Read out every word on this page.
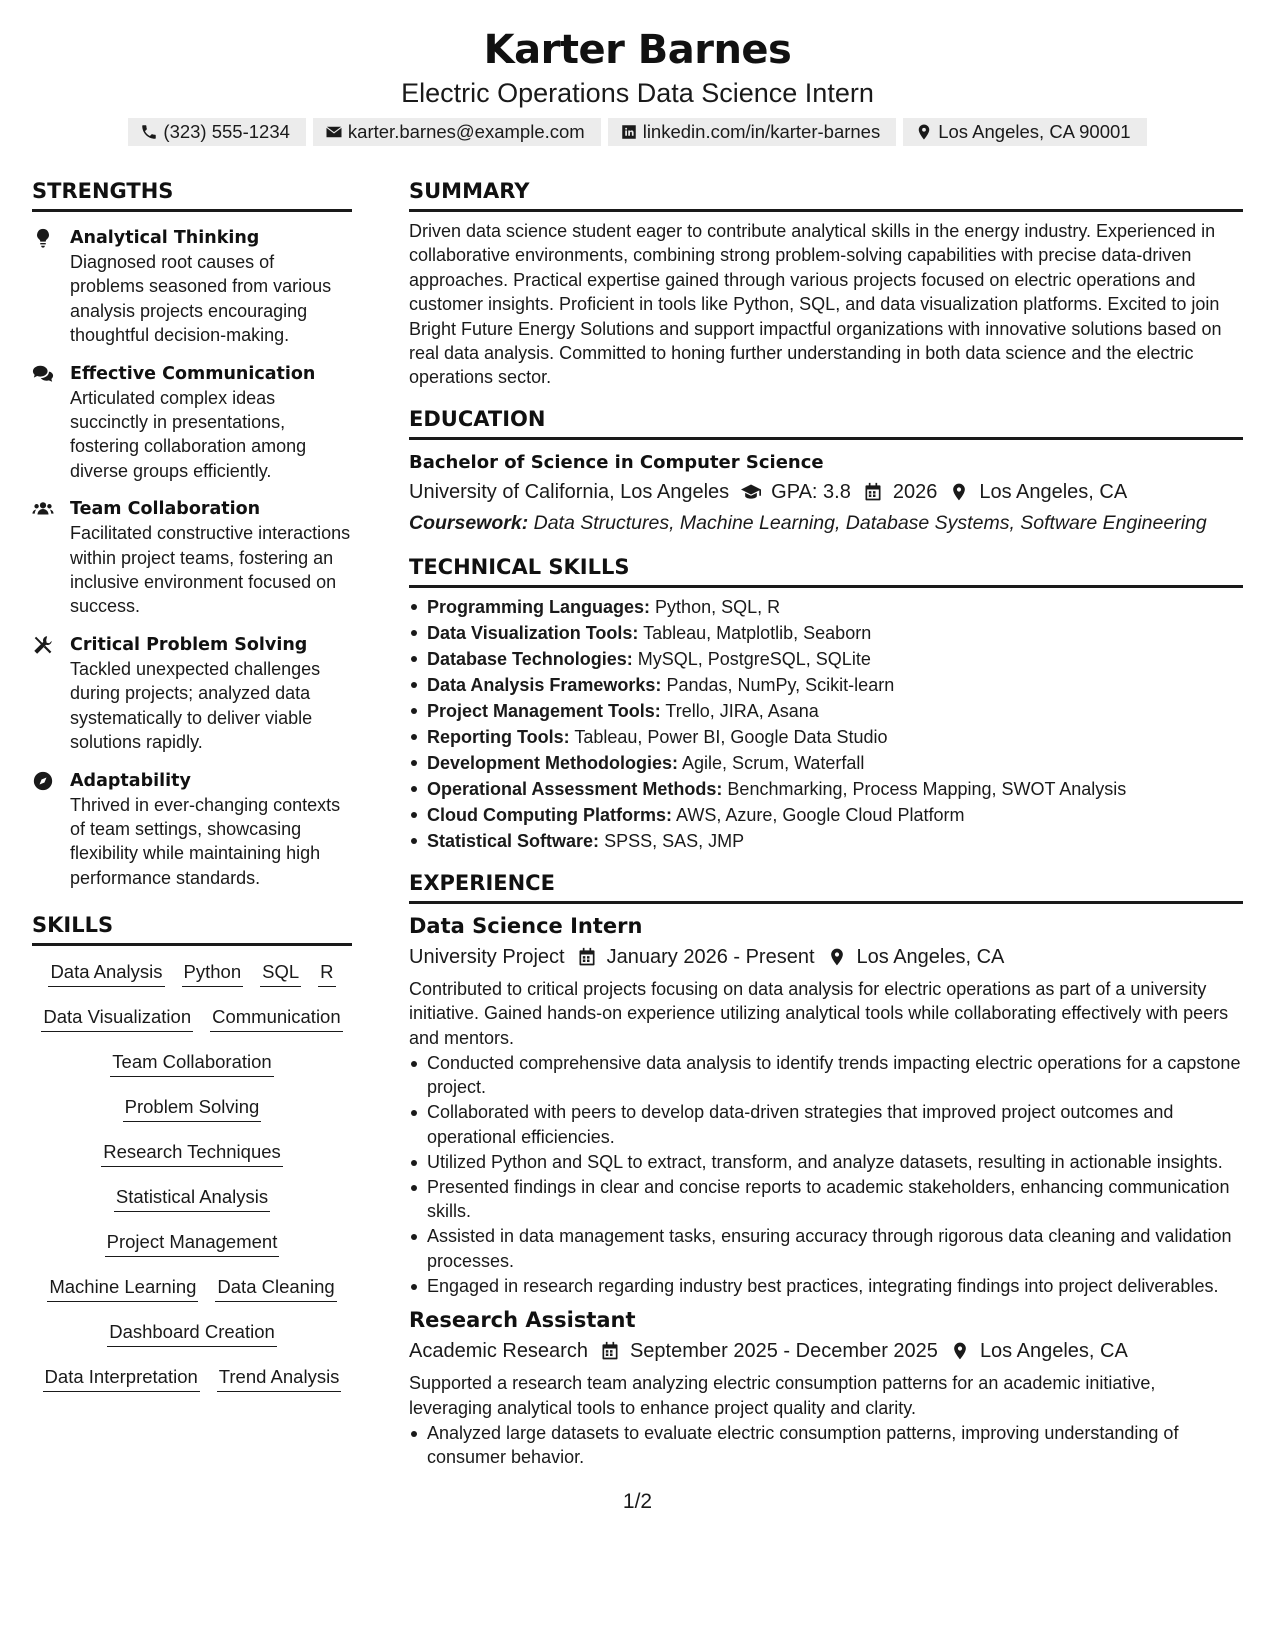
Karter Barnes
Electric Operations Data Science Intern
(323) 555-1234	karter.barnes@example.com	linkedin.com/in/karter-barnes	Los Angeles, CA 90001
STRENGTHS
Analytical Thinking
Diagnosed root causes of problems seasoned from various analysis projects encouraging thoughtful decision-making.
Effective Communication
Articulated complex ideas succinctly in presentations, fostering collaboration among diverse groups efficiently.
Team Collaboration
Facilitated constructive interactions within project teams, fostering an inclusive environment focused on success.
Critical Problem Solving
Tackled unexpected challenges during projects; analyzed data systematically to deliver viable solutions rapidly.
Adaptability
Thrived in ever-changing contexts of team settings, showcasing flexibility while maintaining high performance standards.
SKILLS
Data Analysis Python SQL R
Data Visualization Communication
Team Collaboration
Problem Solving
Research Techniques
Statistical Analysis
Project Management
Machine Learning Data Cleaning
Dashboard Creation
Data Interpretation Trend Analysis
SUMMARY
Driven data science student eager to contribute analytical skills in the energy industry. Experienced in collaborative environments, combining strong problem-solving capabilities with precise data-driven approaches. Practical expertise gained through various projects focused on electric operations and customer insights. Proficient in tools like Python, SQL, and data visualization platforms. Excited to join Bright Future Energy Solutions and support impactful organizations with innovative solutions based on real data analysis. Committed to honing further understanding in both data science and the electric operations sector.
EDUCATION
Bachelor of Science in Computer Science
University of California, Los Angeles GPA: 3.8 2026 Los Angeles, CA
Coursework: Data Structures, Machine Learning, Database Systems, Software Engineering
TECHNICAL SKILLS
Programming Languages: Python, SQL, R
Data Visualization Tools: Tableau, Matplotlib, Seaborn
Database Technologies: MySQL, PostgreSQL, SQLite
Data Analysis Frameworks: Pandas, NumPy, Scikit-learn
Project Management Tools: Trello, JIRA, Asana
Reporting Tools: Tableau, Power BI, Google Data Studio
Development Methodologies: Agile, Scrum, Waterfall
Operational Assessment Methods: Benchmarking, Process Mapping, SWOT Analysis
Cloud Computing Platforms: AWS, Azure, Google Cloud Platform
Statistical Software: SPSS, SAS, JMP
EXPERIENCE
Data Science Intern
University Project January 2026 - Present Los Angeles, CA
Contributed to critical projects focusing on data analysis for electric operations as part of a university initiative. Gained hands-on experience utilizing analytical tools while collaborating effectively with peers and mentors.
Conducted comprehensive data analysis to identify trends impacting electric operations for a capstone project.
Collaborated with peers to develop data-driven strategies that improved project outcomes and operational efficiencies.
Utilized Python and SQL to extract, transform, and analyze datasets, resulting in actionable insights.
Presented findings in clear and concise reports to academic stakeholders, enhancing communication skills.
Assisted in data management tasks, ensuring accuracy through rigorous data cleaning and validation processes.
Engaged in research regarding industry best practices, integrating findings into project deliverables.
Research Assistant
Academic Research September 2025 - December 2025 Los Angeles, CA
Supported a research team analyzing electric consumption patterns for an academic initiative, leveraging analytical tools to enhance project quality and clarity.
Analyzed large datasets to evaluate electric consumption patterns, improving understanding of consumer behavior.
1/2
